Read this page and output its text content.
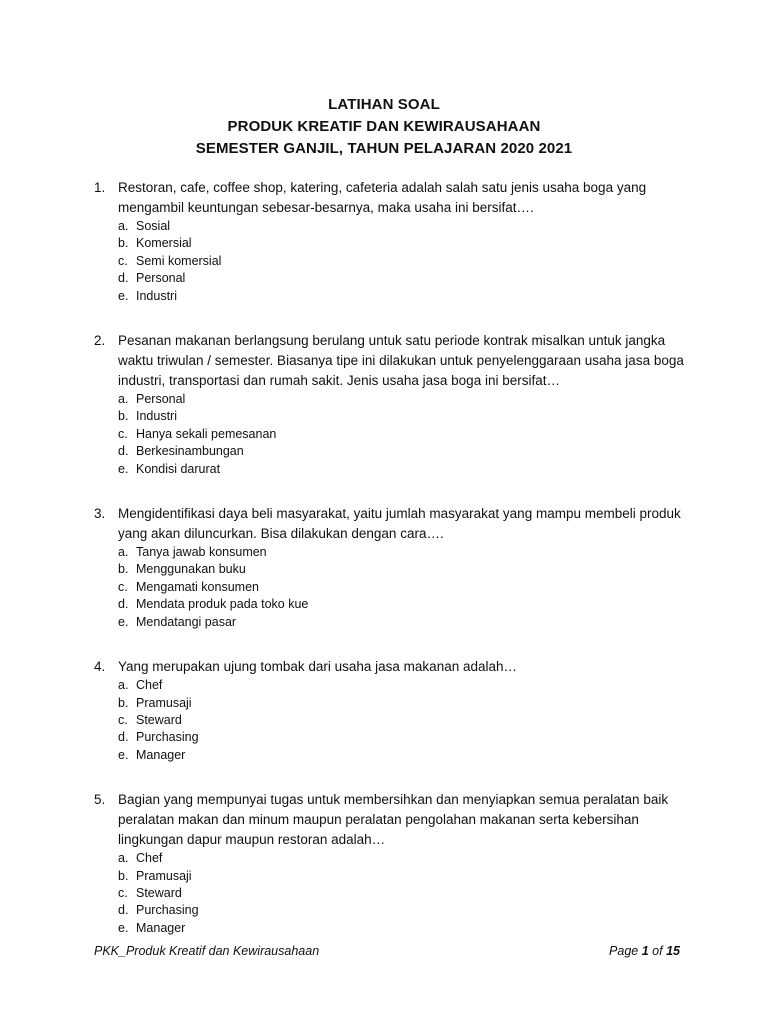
LATIHAN SOAL
PRODUK KREATIF DAN KEWIRAUSAHAAN
SEMESTER GANJIL, TAHUN PELAJARAN 2020 2021
1. Restoran, cafe, coffee shop, katering, cafeteria adalah salah satu jenis usaha boga yang mengambil keuntungan sebesar-besarnya, maka usaha ini bersifat….
a. Sosial
b. Komersial
c. Semi komersial
d. Personal
e. Industri
2. Pesanan makanan berlangsung berulang untuk satu periode kontrak misalkan untuk jangka waktu triwulan / semester. Biasanya tipe ini dilakukan untuk penyelenggaraan usaha jasa boga industri, transportasi dan rumah sakit. Jenis usaha jasa boga ini bersifat…
a. Personal
b. Industri
c. Hanya sekali pemesanan
d. Berkesinambungan
e. Kondisi darurat
3. Mengidentifikasi daya beli masyarakat, yaitu jumlah masyarakat yang mampu membeli produk yang akan diluncurkan. Bisa dilakukan dengan cara….
a. Tanya jawab konsumen
b. Menggunakan buku
c. Mengamati konsumen
d. Mendata produk pada toko kue
e. Mendatangi pasar
4. Yang merupakan ujung tombak dari usaha jasa makanan adalah…
a. Chef
b. Pramusaji
c. Steward
d. Purchasing
e. Manager
5. Bagian yang mempunyai tugas untuk membersihkan dan menyiapkan semua peralatan baik peralatan makan dan minum maupun peralatan pengolahan makanan serta kebersihan lingkungan dapur maupun restoran adalah…
a. Chef
b. Pramusaji
c. Steward
d. Purchasing
e. Manager
PKK_Produk Kreatif dan Kewirausahaan	Page 1 of 15
